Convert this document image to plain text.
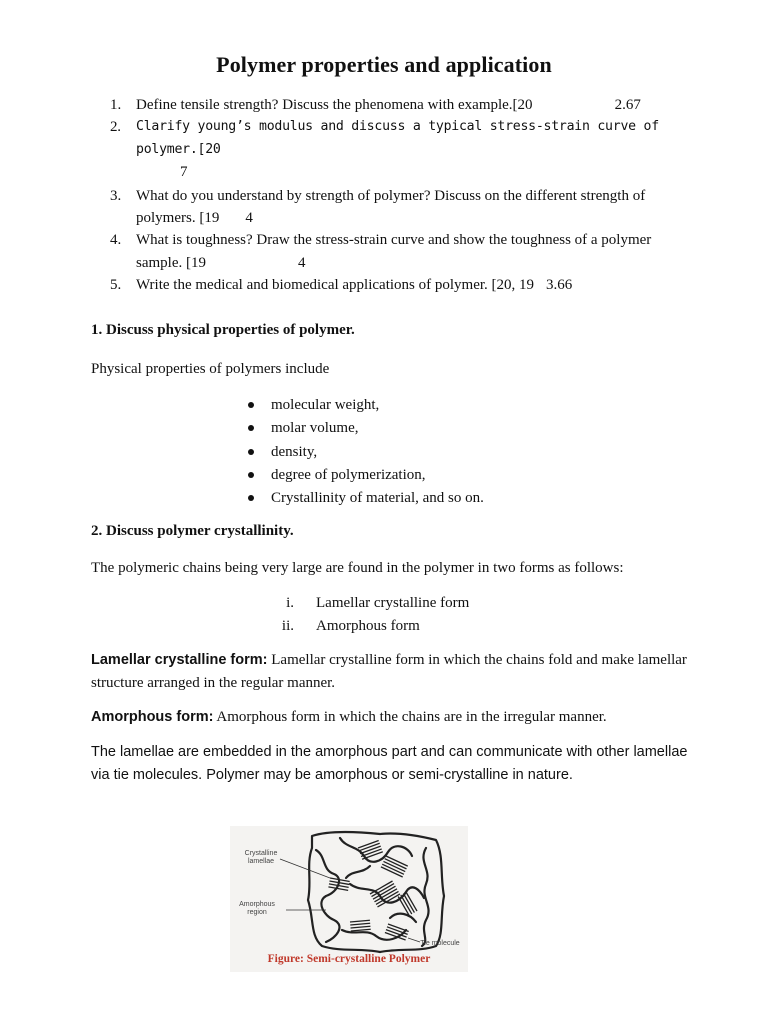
Polymer properties and application
1. Define tensile strength? Discuss the phenomena with example.[20	2.67
2. Clarify young’s modulus and discuss a typical stress-strain curve of polymer.[20
7
3. What do you understand by strength of polymer? Discuss on the different strength of polymers. [19 4
4. What is toughness? Draw the stress-strain curve and show the toughness of a polymer sample. [19	4
5. Write the medical and biomedical applications of polymer. [20, 19 3.66

1. Discuss physical properties of polymer.

Physical properties of polymers include

molecular weight,
molar volume,
density,
degree of polymerization,
Crystallinity of material, and so on.

2. Discuss polymer crystallinity.

The polymeric chains being very large are found in the polymer in two forms as follows:

i. Lamellar crystalline form
ii. Amorphous form

Lamellar crystalline form: Lamellar crystalline form in which the chains fold and make lamellar structure arranged in the regular manner.

Amorphous form: Amorphous form in which the chains are in the irregular manner.

The lamellae are embedded in the amorphous part and can communicate with other lamellae via tie molecules. Polymer may be amorphous or semi-crystalline in nature.

Crystalline
lamellae
Amorphous
region
Tie molecule
Figure: Semi-crystalline Polymer
